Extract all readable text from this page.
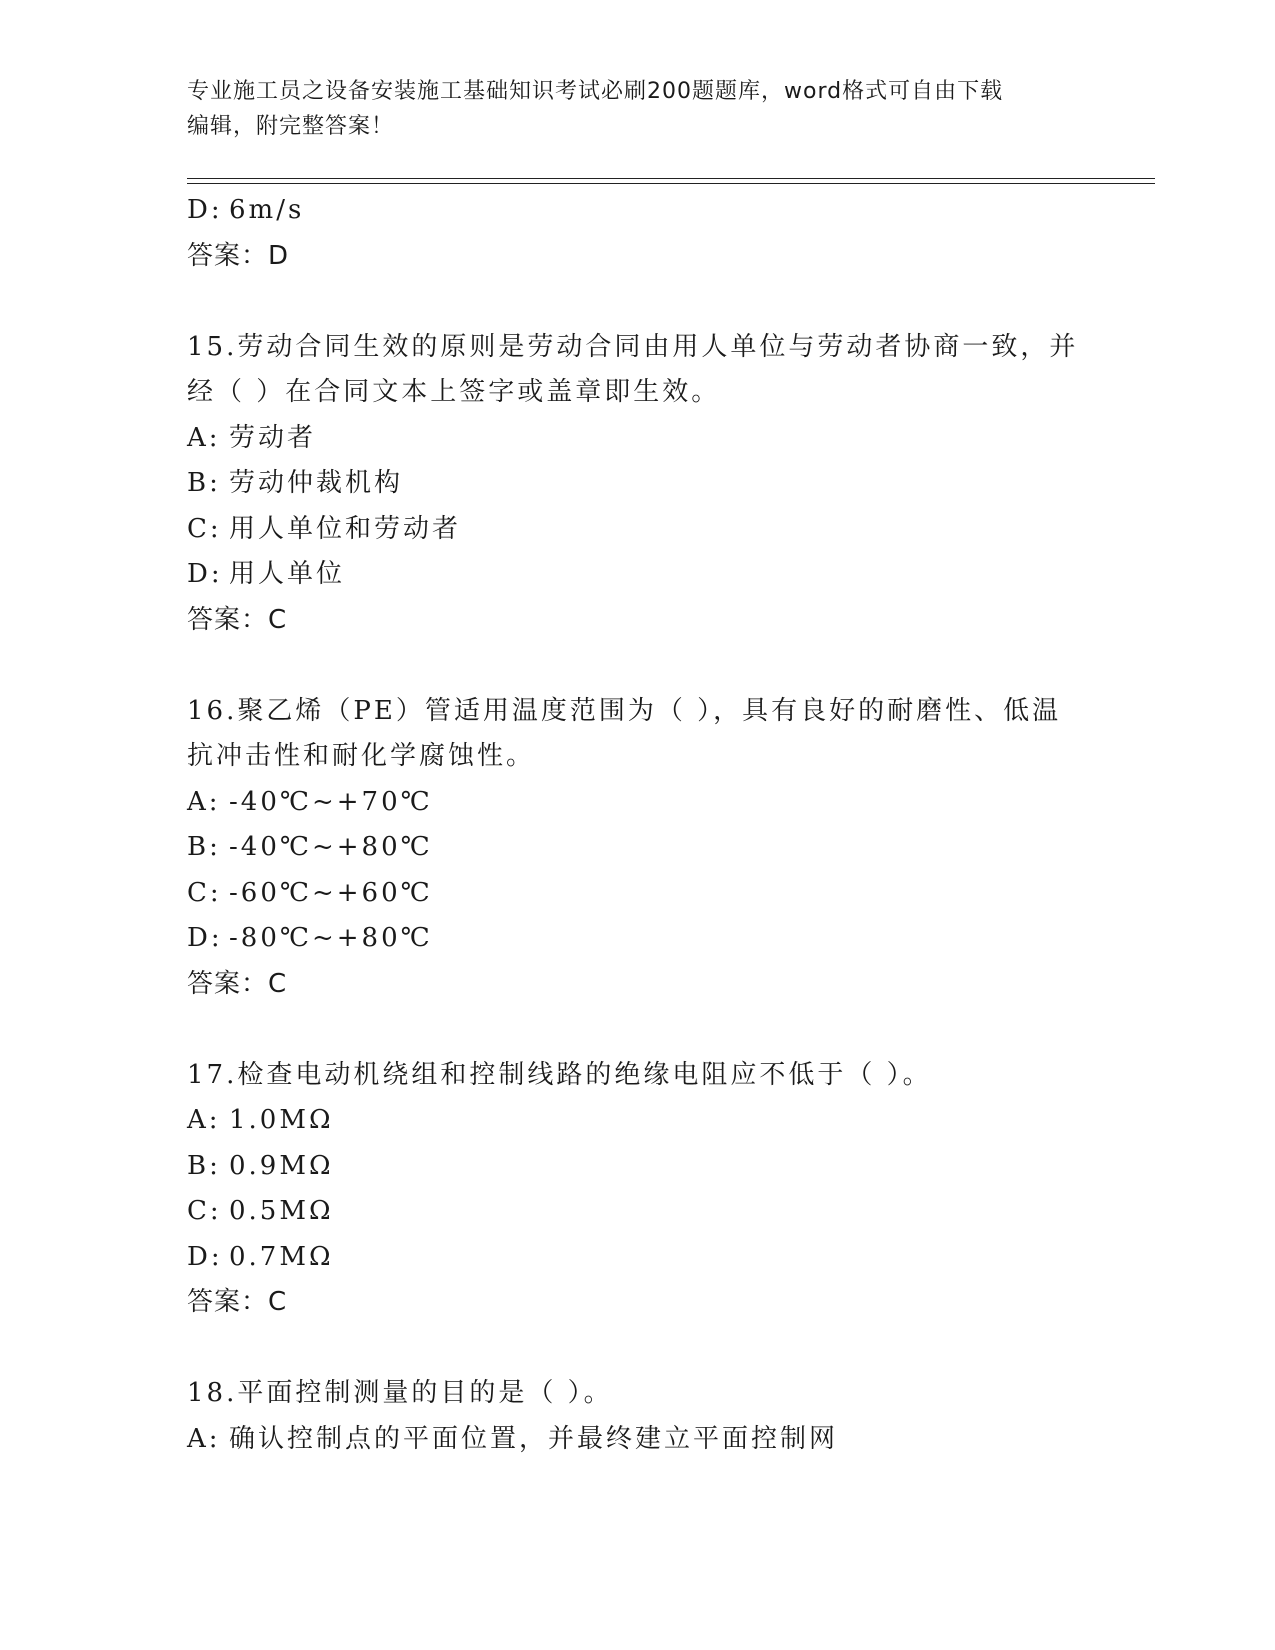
专业施工员之设备安装施工基础知识考试必刷200题题库，word格式可自由下载
编辑，附完整答案！
D: 6m/s
答案：D
15.劳动合同生效的原则是劳动合同由用人单位与劳动者协商一致，并
经（ ）在合同文本上签字或盖章即生效。
A: 劳动者
B: 劳动仲裁机构
C: 用人单位和劳动者
D: 用人单位
答案：C
16.聚乙烯（PE）管适用温度范围为（ ），具有良好的耐磨性、低温
抗冲击性和耐化学腐蚀性。
A: -40℃~+70℃
B: -40℃~+80℃
C: -60℃~+60℃
D: -80℃~+80℃
答案：C
17.检查电动机绕组和控制线路的绝缘电阻应不低于（ ）。
A: 1.0MΩ
B: 0.9MΩ
C: 0.5MΩ
D: 0.7MΩ
答案：C
18.平面控制测量的目的是（ ）。
A: 确认控制点的平面位置，并最终建立平面控制网
